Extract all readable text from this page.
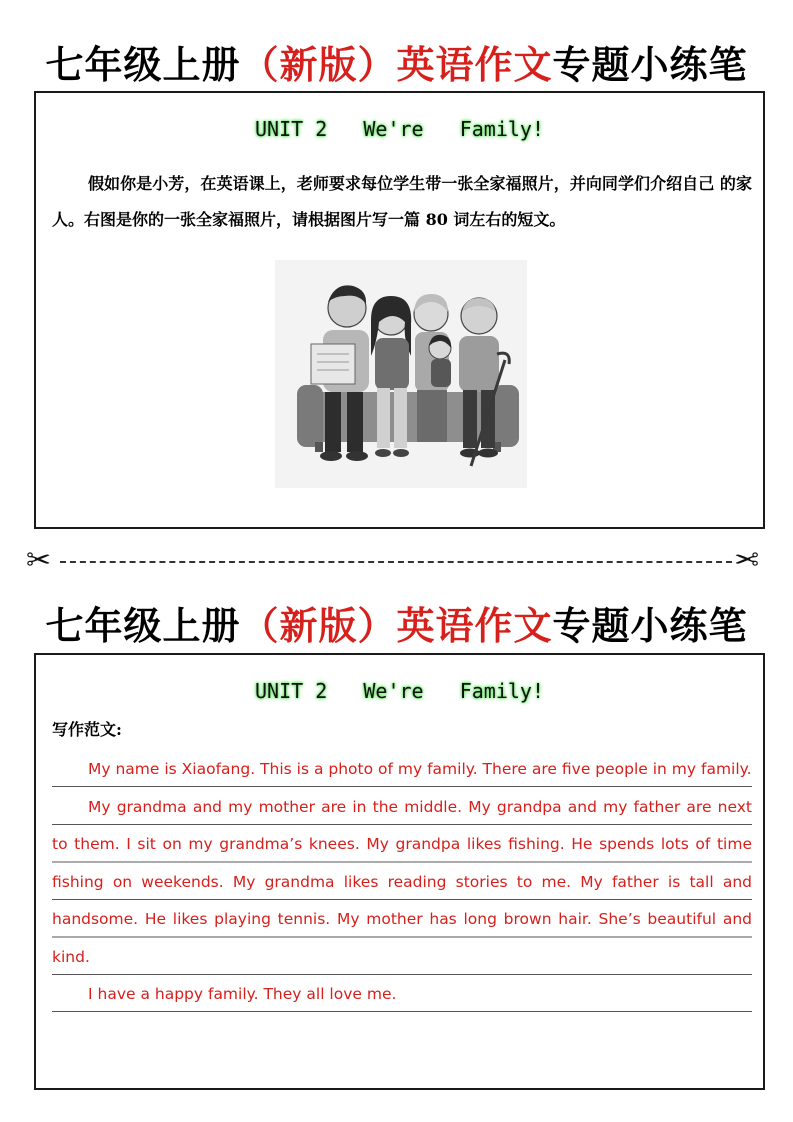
七年级上册（新版）英语作文专题小练笔
UNIT 2   We're   Family!
假如你是小芳，在英语课上，老师要求每位学生带一张全家福照片，并向同学们介绍自己 的家人。右图是你的一张全家福照片，请根据图片写一篇 80 词左右的短文。
✂	✂
七年级上册（新版）英语作文专题小练笔
UNIT 2   We're   Family!
写作范文:

My name is Xiaofang. This is a photo of my family. There are five people in my family.

My grandma and my mother are in the middle. My grandpa and my father are next to them. I sit on my grandma’s knees. My grandpa likes fishing. He spends lots of time fishing on weekends. My grandma likes reading stories to me. My father is tall and handsome. He likes playing tennis. My mother has long brown hair. She’s beautiful and kind.

I have a happy family. They all love me.
